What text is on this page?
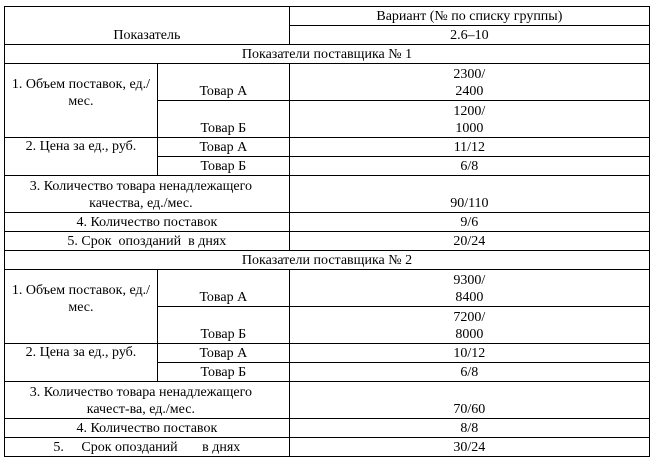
Показатель		Вариант (№ по списку группы)
		2.6–10
Показатели поставщика № 1		
1. Объем поставок, ед./мес.	Товар А	2300/
2400

	Товар Б	1200/
1000

2. Цена за ед., руб.	Товар А	11/12
	Товар Б	6/8
3. Количество товара ненадлежащего качества, ед./мес.		90/110
4. Количество поставок		9/6
5. Срок  опозданий  в днях		20/24
Показатели поставщика № 2		
1. Объем поставок, ед./мес.	Товар А	9300/
8400

	Товар Б	7200/
8000

2. Цена за ед., руб.	Товар А	10/12
	Товар Б	6/8
3. Количество товара ненадлежащего качест-ва, ед./мес.		70/60
4. Количество поставок		8/8
5.     Срок опозданий       в днях		30/24
